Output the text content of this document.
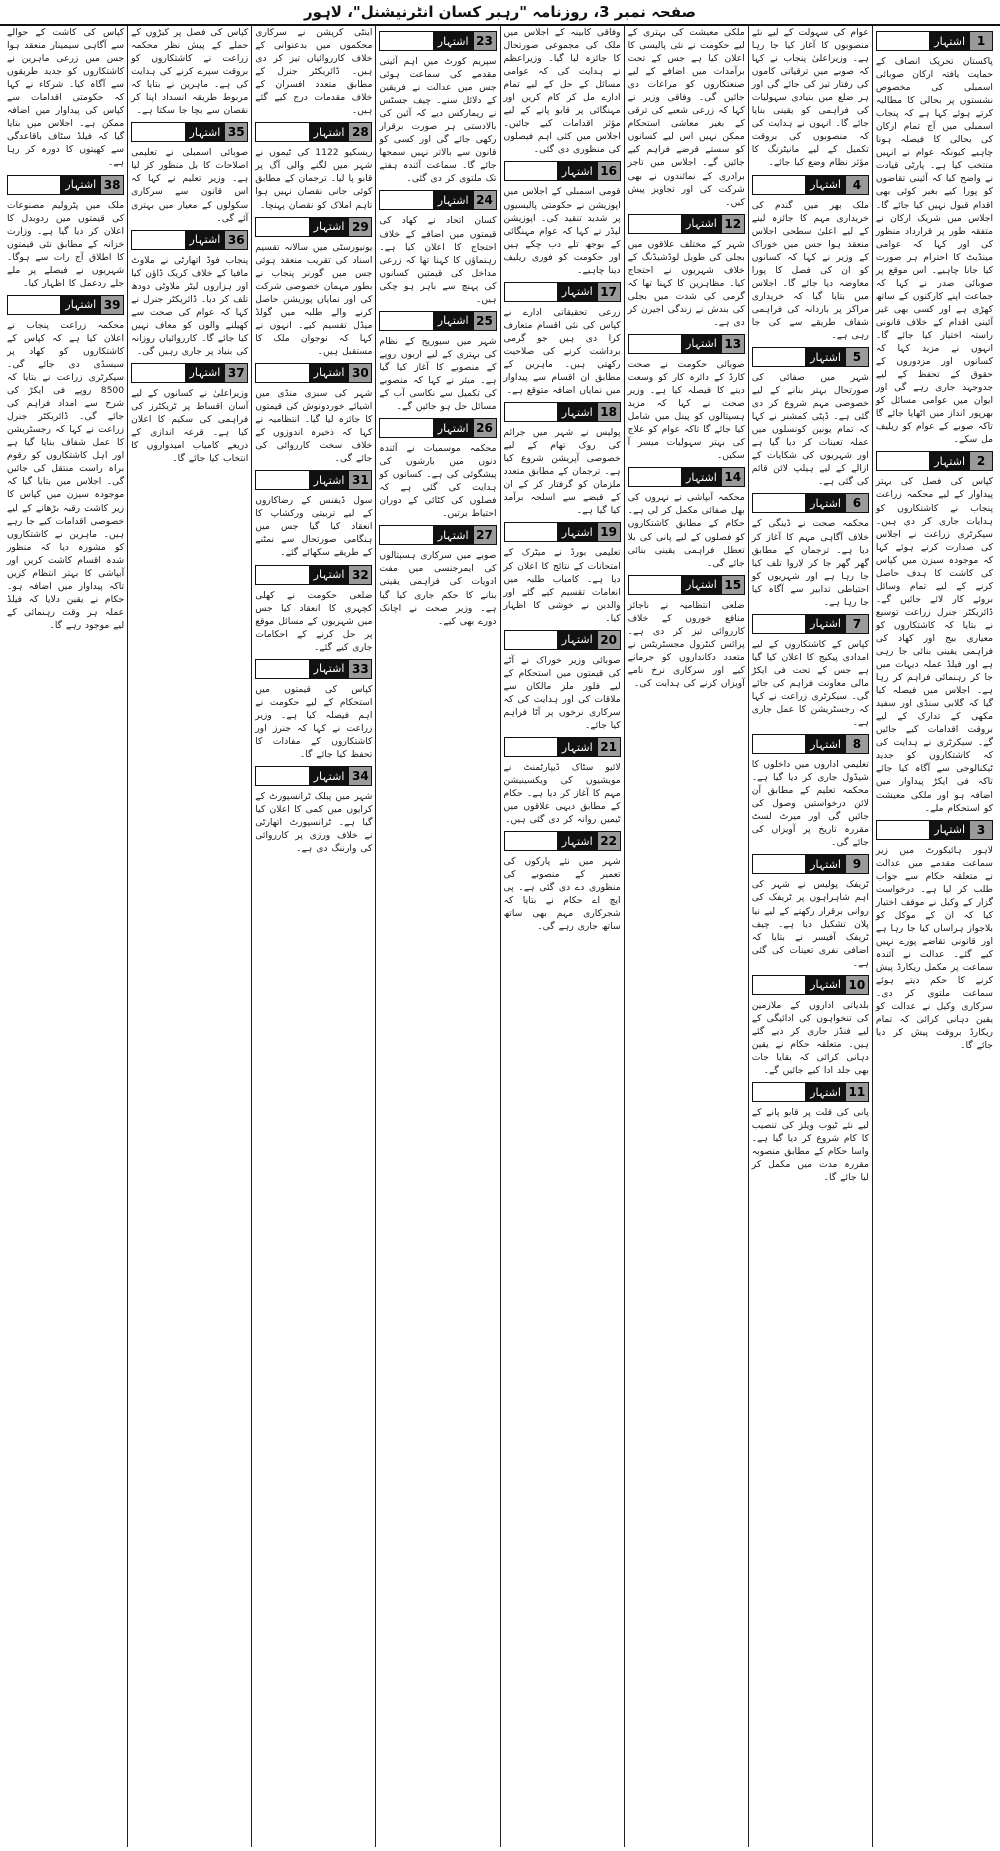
صفحہ نمبر 3، روزنامہ "رہبر کسان انٹرنیشنل"، لاہور
اشتہار 1
پاکستان تحریک انصاف کے حمایت یافتہ ارکان صوبائی اسمبلی کی مخصوص نشستوں پر بحالی کا مطالبہ کرتے ہوئے کہا ہے کہ پنجاب اسمبلی میں آج تمام ارکان کی بحالی کا فیصلہ ہونا چاہیے کیونکہ عوام نے انہیں منتخب کیا ہے۔ پارٹی قیادت نے واضح کیا کہ آئینی تقاضوں کو پورا کیے بغیر کوئی بھی اقدام قبول نہیں کیا جائے گا۔ اجلاس میں شریک ارکان نے متفقہ طور پر قرارداد منظور کی اور کہا کہ عوامی مینڈیٹ کا احترام ہر صورت کیا جانا چاہیے۔ اس موقع پر صوبائی صدر نے کہا کہ جماعت اپنے کارکنوں کے ساتھ کھڑی ہے اور کسی بھی غیر آئینی اقدام کے خلاف قانونی راستہ اختیار کیا جائے گا۔ انہوں نے مزید کہا کہ کسانوں اور مزدوروں کے حقوق کے تحفظ کے لیے جدوجہد جاری رہے گی اور ایوان میں عوامی مسائل کو بھرپور انداز میں اٹھایا جائے گا تاکہ صوبے کے عوام کو ریلیف مل سکے۔
اشتہار 2
کپاس کی فصل کی بہتر پیداوار کے لیے محکمہ زراعت پنجاب نے کاشتکاروں کو ہدایات جاری کر دی ہیں۔ سیکرٹری زراعت نے اجلاس کی صدارت کرتے ہوئے کہا کہ موجودہ سیزن میں کپاس کی کاشت کا ہدف حاصل کرنے کے لیے تمام وسائل بروئے کار لائے جائیں گے۔ ڈائریکٹر جنرل زراعت توسیع نے بتایا کہ کاشتکاروں کو معیاری بیج اور کھاد کی فراہمی یقینی بنائی جا رہی ہے اور فیلڈ عملہ دیہات میں جا کر رہنمائی فراہم کر رہا ہے۔ اجلاس میں فیصلہ کیا گیا کہ گلابی سنڈی اور سفید مکھی کے تدارک کے لیے بروقت اقدامات کیے جائیں گے۔ سیکرٹری نے ہدایت کی کہ کاشتکاروں کو جدید ٹیکنالوجی سے آگاہ کیا جائے تاکہ فی ایکڑ پیداوار میں اضافہ ہو اور ملکی معیشت کو استحکام ملے۔
اشتہار 3
لاہور ہائیکورٹ میں زیر سماعت مقدمے میں عدالت نے متعلقہ حکام سے جواب طلب کر لیا ہے۔ درخواست گزار کے وکیل نے موقف اختیار کیا کہ ان کے موکل کو بلاجواز ہراساں کیا جا رہا ہے اور قانونی تقاضے پورے نہیں کیے گئے۔ عدالت نے آئندہ سماعت پر مکمل ریکارڈ پیش کرنے کا حکم دیتے ہوئے سماعت ملتوی کر دی۔ سرکاری وکیل نے عدالت کو یقین دہانی کرائی کہ تمام ریکارڈ بروقت پیش کر دیا جائے گا۔
عوام کی سہولت کے لیے نئے منصوبوں کا آغاز کیا جا رہا ہے۔ وزیراعلیٰ پنجاب نے کہا کہ صوبے میں ترقیاتی کاموں کی رفتار تیز کی جائے گی اور ہر ضلع میں بنیادی سہولیات کی فراہمی کو یقینی بنایا جائے گا۔ انہوں نے ہدایت کی کہ منصوبوں کی بروقت تکمیل کے لیے مانیٹرنگ کا مؤثر نظام وضع کیا جائے۔
اشتہار 4
ملک بھر میں گندم کی خریداری مہم کا جائزہ لینے کے لیے اعلیٰ سطحی اجلاس منعقد ہوا جس میں خوراک کے وزیر نے کہا کہ کسانوں کو ان کی فصل کا پورا معاوضہ دیا جائے گا۔ اجلاس میں بتایا گیا کہ خریداری مراکز پر باردانہ کی فراہمی شفاف طریقے سے کی جا رہی ہے۔
اشتہار 5
شہر میں صفائی کی صورتحال بہتر بنانے کے لیے خصوصی مہم شروع کر دی گئی ہے۔ ڈپٹی کمشنر نے کہا کہ تمام یونین کونسلوں میں عملہ تعینات کر دیا گیا ہے اور شہریوں کی شکایات کے ازالے کے لیے ہیلپ لائن قائم کی گئی ہے۔
اشتہار 6
محکمہ صحت نے ڈینگی کے خلاف آگاہی مہم کا آغاز کر دیا ہے۔ ترجمان کے مطابق گھر گھر جا کر لاروا تلف کیا جا رہا ہے اور شہریوں کو احتیاطی تدابیر سے آگاہ کیا جا رہا ہے۔
اشتہار 7
کپاس کے کاشتکاروں کے لیے امدادی پیکیج کا اعلان کیا گیا ہے جس کے تحت فی ایکڑ مالی معاونت فراہم کی جائے گی۔ سیکرٹری زراعت نے کہا کہ رجسٹریشن کا عمل جاری ہے۔
اشتہار 8
تعلیمی اداروں میں داخلوں کا شیڈول جاری کر دیا گیا ہے۔ محکمہ تعلیم کے مطابق آن لائن درخواستیں وصول کی جائیں گی اور میرٹ لسٹ مقررہ تاریخ پر آویزاں کی جائے گی۔
اشتہار 9
ٹریفک پولیس نے شہر کی اہم شاہراہوں پر ٹریفک کی روانی برقرار رکھنے کے لیے نیا پلان تشکیل دیا ہے۔ چیف ٹریفک آفیسر نے بتایا کہ اضافی نفری تعینات کی گئی ہے۔
اشتہار 10
بلدیاتی اداروں کے ملازمین کی تنخواہوں کی ادائیگی کے لیے فنڈز جاری کر دیے گئے ہیں۔ متعلقہ حکام نے یقین دہانی کرائی کہ بقایا جات بھی جلد ادا کیے جائیں گے۔
اشتہار 11
پانی کی قلت پر قابو پانے کے لیے نئے ٹیوب ویلز کی تنصیب کا کام شروع کر دیا گیا ہے۔ واسا حکام کے مطابق منصوبہ مقررہ مدت میں مکمل کر لیا جائے گا۔
ملکی معیشت کی بہتری کے لیے حکومت نے نئی پالیسی کا اعلان کیا ہے جس کے تحت برآمدات میں اضافے کے لیے صنعتکاروں کو مراعات دی جائیں گی۔ وفاقی وزیر نے کہا کہ زرعی شعبے کی ترقی کے بغیر معاشی استحکام ممکن نہیں اس لیے کسانوں کو سستے قرضے فراہم کیے جائیں گے۔ اجلاس میں تاجر برادری کے نمائندوں نے بھی شرکت کی اور تجاویز پیش کیں۔
اشتہار 12
شہر کے مختلف علاقوں میں بجلی کی طویل لوڈشیڈنگ کے خلاف شہریوں نے احتجاج کیا۔ مظاہرین کا کہنا تھا کہ گرمی کی شدت میں بجلی کی بندش نے زندگی اجیرن کر دی ہے۔
اشتہار 13
صوبائی حکومت نے صحت کارڈ کے دائرہ کار کو وسعت دینے کا فیصلہ کیا ہے۔ وزیر صحت نے کہا کہ مزید ہسپتالوں کو پینل میں شامل کیا جائے گا تاکہ عوام کو علاج کی بہتر سہولیات میسر آ سکیں۔
اشتہار 14
محکمہ آبپاشی نے نہروں کی بھل صفائی مکمل کر لی ہے۔ حکام کے مطابق کاشتکاروں کو فصلوں کے لیے پانی کی بلا تعطل فراہمی یقینی بنائی جائے گی۔
اشتہار 15
ضلعی انتظامیہ نے ناجائز منافع خوروں کے خلاف کارروائی تیز کر دی ہے۔ پرائس کنٹرول مجسٹریٹس نے متعدد دکانداروں کو جرمانے کیے اور سرکاری نرخ نامے آویزاں کرنے کی ہدایت کی۔
وفاقی کابینہ کے اجلاس میں ملک کی مجموعی صورتحال کا جائزہ لیا گیا۔ وزیراعظم نے ہدایت کی کہ عوامی مسائل کے حل کے لیے تمام ادارے مل کر کام کریں اور مہنگائی پر قابو پانے کے لیے مؤثر اقدامات کیے جائیں۔ اجلاس میں کئی اہم فیصلوں کی منظوری دی گئی۔
اشتہار 16
قومی اسمبلی کے اجلاس میں اپوزیشن نے حکومتی پالیسیوں پر شدید تنقید کی۔ اپوزیشن لیڈر نے کہا کہ عوام مہنگائی کے بوجھ تلے دب چکے ہیں اور حکومت کو فوری ریلیف دینا چاہیے۔
اشتہار 17
زرعی تحقیقاتی ادارے نے کپاس کی نئی اقسام متعارف کرا دی ہیں جو گرمی برداشت کرنے کی صلاحیت رکھتی ہیں۔ ماہرین کے مطابق ان اقسام سے پیداوار میں نمایاں اضافہ متوقع ہے۔
اشتہار 18
پولیس نے شہر میں جرائم کی روک تھام کے لیے خصوصی آپریشن شروع کیا ہے۔ ترجمان کے مطابق متعدد ملزمان کو گرفتار کر کے ان کے قبضے سے اسلحہ برآمد کیا گیا ہے۔
اشتہار 19
تعلیمی بورڈ نے میٹرک کے امتحانات کے نتائج کا اعلان کر دیا ہے۔ کامیاب طلبہ میں انعامات تقسیم کیے گئے اور والدین نے خوشی کا اظہار کیا۔
اشتہار 20
صوبائی وزیر خوراک نے آٹے کی قیمتوں میں استحکام کے لیے فلور ملز مالکان سے ملاقات کی اور ہدایت کی کہ سرکاری نرخوں پر آٹا فراہم کیا جائے۔
اشتہار 21
لائیو سٹاک ڈیپارٹمنٹ نے مویشیوں کی ویکسینیشن مہم کا آغاز کر دیا ہے۔ حکام کے مطابق دیہی علاقوں میں ٹیمیں روانہ کر دی گئی ہیں۔
اشتہار 22
شہر میں نئے پارکوں کی تعمیر کے منصوبے کی منظوری دے دی گئی ہے۔ پی ایچ اے حکام نے بتایا کہ شجرکاری مہم بھی ساتھ ساتھ جاری رہے گی۔
اشتہار 23
سپریم کورٹ میں اہم آئینی مقدمے کی سماعت ہوئی جس میں عدالت نے فریقین کے دلائل سنے۔ چیف جسٹس نے ریمارکس دیے کہ آئین کی بالادستی ہر صورت برقرار رکھی جائے گی اور کسی کو قانون سے بالاتر نہیں سمجھا جائے گا۔ سماعت آئندہ ہفتے تک ملتوی کر دی گئی۔
اشتہار 24
کسان اتحاد نے کھاد کی قیمتوں میں اضافے کے خلاف احتجاج کا اعلان کیا ہے۔ رہنماؤں کا کہنا تھا کہ زرعی مداخل کی قیمتیں کسانوں کی پہنچ سے باہر ہو چکی ہیں۔
اشتہار 25
شہر میں سیوریج کے نظام کی بہتری کے لیے اربوں روپے کے منصوبے کا آغاز کیا گیا ہے۔ میئر نے کہا کہ منصوبے کی تکمیل سے نکاسی آب کے مسائل حل ہو جائیں گے۔
اشتہار 26
محکمہ موسمیات نے آئندہ دنوں میں بارشوں کی پیشگوئی کی ہے۔ کسانوں کو ہدایت کی گئی ہے کہ فصلوں کی کٹائی کے دوران احتیاط برتیں۔
اشتہار 27
صوبے میں سرکاری ہسپتالوں کی ایمرجنسی میں مفت ادویات کی فراہمی یقینی بنانے کا حکم جاری کیا گیا ہے۔ وزیر صحت نے اچانک دورے بھی کیے۔
اینٹی کرپشن نے سرکاری محکموں میں بدعنوانی کے خلاف کارروائیاں تیز کر دی ہیں۔ ڈائریکٹر جنرل کے مطابق متعدد افسران کے خلاف مقدمات درج کیے گئے ہیں۔
اشتہار 28
ریسکیو 1122 کی ٹیموں نے شہر میں لگنے والی آگ پر قابو پا لیا۔ ترجمان کے مطابق کوئی جانی نقصان نہیں ہوا تاہم املاک کو نقصان پہنچا۔
اشتہار 29
یونیورسٹی میں سالانہ تقسیم اسناد کی تقریب منعقد ہوئی جس میں گورنر پنجاب نے بطور مہمان خصوصی شرکت کی اور نمایاں پوزیشن حاصل کرنے والے طلبہ میں گولڈ میڈل تقسیم کیے۔ انہوں نے کہا کہ نوجوان ملک کا مستقبل ہیں۔
اشتہار 30
شہر کی سبزی منڈی میں اشیائے خوردونوش کی قیمتوں کا جائزہ لیا گیا۔ انتظامیہ نے کہا کہ ذخیرہ اندوزوں کے خلاف سخت کارروائی کی جائے گی۔
اشتہار 31
سول ڈیفنس کے رضاکاروں کے لیے تربیتی ورکشاپ کا انعقاد کیا گیا جس میں ہنگامی صورتحال سے نمٹنے کے طریقے سکھائے گئے۔
اشتہار 32
ضلعی حکومت نے کھلی کچہری کا انعقاد کیا جس میں شہریوں کے مسائل موقع پر حل کرنے کے احکامات جاری کیے گئے۔
اشتہار 33
کپاس کی قیمتوں میں استحکام کے لیے حکومت نے اہم فیصلہ کیا ہے۔ وزیر زراعت نے کہا کہ جنرز اور کاشتکاروں کے مفادات کا تحفظ کیا جائے گا۔
اشتہار 34
شہر میں پبلک ٹرانسپورٹ کے کرایوں میں کمی کا اعلان کیا گیا ہے۔ ٹرانسپورٹ اتھارٹی نے خلاف ورزی پر کارروائی کی وارننگ دی ہے۔
کپاس کی فصل پر کیڑوں کے حملے کے پیش نظر محکمہ زراعت نے کاشتکاروں کو بروقت سپرے کرنے کی ہدایت کی ہے۔ ماہرین نے بتایا کہ مربوط طریقہ انسداد اپنا کر نقصان سے بچا جا سکتا ہے۔
اشتہار 35
صوبائی اسمبلی نے تعلیمی اصلاحات کا بل منظور کر لیا ہے۔ وزیر تعلیم نے کہا کہ اس قانون سے سرکاری سکولوں کے معیار میں بہتری آئے گی۔
اشتہار 36
پنجاب فوڈ اتھارٹی نے ملاوٹ مافیا کے خلاف کریک ڈاؤن کیا اور ہزاروں لیٹر ملاوٹی دودھ تلف کر دیا۔ ڈائریکٹر جنرل نے کہا کہ عوام کی صحت سے کھیلنے والوں کو معاف نہیں کیا جائے گا۔ کارروائیاں روزانہ کی بنیاد پر جاری رہیں گی۔
اشتہار 37
وزیراعلیٰ نے کسانوں کے لیے آسان اقساط پر ٹریکٹرز کی فراہمی کی سکیم کا اعلان کیا ہے۔ قرعہ اندازی کے ذریعے کامیاب امیدواروں کا انتخاب کیا جائے گا۔
کپاس کی کاشت کے حوالے سے آگاہی سیمینار منعقد ہوا جس میں زرعی ماہرین نے کاشتکاروں کو جدید طریقوں سے آگاہ کیا۔ شرکاء نے کہا کہ حکومتی اقدامات سے کپاس کی پیداوار میں اضافہ ممکن ہے۔ اجلاس میں بتایا گیا کہ فیلڈ سٹاف باقاعدگی سے کھیتوں کا دورہ کر رہا ہے۔
اشتہار 38
ملک میں پٹرولیم مصنوعات کی قیمتوں میں ردوبدل کا اعلان کر دیا گیا ہے۔ وزارت خزانہ کے مطابق نئی قیمتوں کا اطلاق آج رات سے ہوگا۔ شہریوں نے فیصلے پر ملے جلے ردعمل کا اظہار کیا۔
اشتہار 39
محکمہ زراعت پنجاب نے اعلان کیا ہے کہ کپاس کے کاشتکاروں کو کھاد پر سبسڈی دی جائے گی۔ سیکرٹری زراعت نے بتایا کہ 8500 روپے فی ایکڑ کی شرح سے امداد فراہم کی جائے گی۔ ڈائریکٹر جنرل زراعت نے کہا کہ رجسٹریشن کا عمل شفاف بنایا گیا ہے اور اہل کاشتکاروں کو رقوم براہ راست منتقل کی جائیں گی۔ اجلاس میں بتایا گیا کہ موجودہ سیزن میں کپاس کا زیر کاشت رقبہ بڑھانے کے لیے خصوصی اقدامات کیے جا رہے ہیں۔ ماہرین نے کاشتکاروں کو مشورہ دیا کہ منظور شدہ اقسام کاشت کریں اور آبپاشی کا بہتر انتظام کریں تاکہ پیداوار میں اضافہ ہو۔ حکام نے یقین دلایا کہ فیلڈ عملہ ہر وقت رہنمائی کے لیے موجود رہے گا۔
